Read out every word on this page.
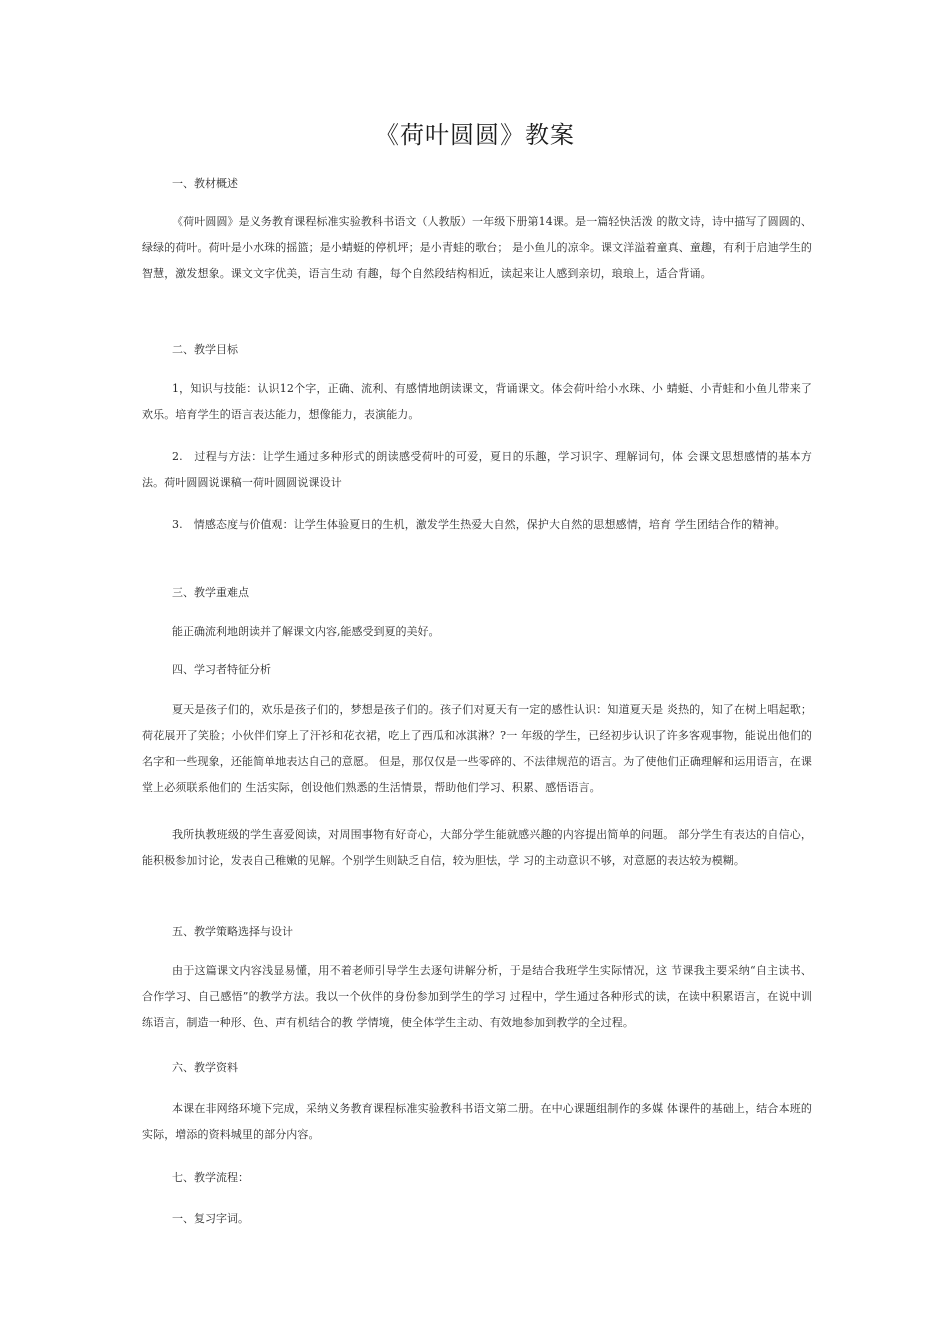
《荷叶圆圆》教案
一、教材概述
《荷叶圆圆》是义务教育课程标准实验教科书语文（人教版）一年级下册第14课。是一篇轻快活泼 的散文诗，诗中描写了圆圆的、绿绿的荷叶。荷叶是小水珠的摇篮；是小蜻蜓的停机坪；是小青蛙的歌台； 是小鱼儿的凉伞。课文洋溢着童真、童趣，有利于启迪学生的智慧，激发想象。课文文字优美，语言生动 有趣，每个自然段结构相近，读起来让人感到亲切，琅琅上，适合背诵。
二、教学目标
1，知识与技能：认识12个字，正确、流利、有感情地朗读课文，背诵课文。体会荷叶给小水珠、小 蜻蜓、小青蛙和小鱼儿带来了欢乐。培育学生的语言表达能力，想像能力，表演能力。
2.　过程与方法：让学生通过多种形式的朗读感受荷叶的可爱，夏日的乐趣，学习识字、理解词句，体 会课文思想感情的基本方法。荷叶圆圆说课稿一荷叶圆圆说课设计
3.　情感态度与价值观：让学生体验夏日的生机，激发学生热爱大自然，保护大自然的思想感情，培育 学生团结合作的精神。
三、教学重难点
能正确流利地朗读并了解课文内容,能感受到夏的美好。
四、学习者特征分析
夏天是孩子们的，欢乐是孩子们的，梦想是孩子们的。孩子们对夏天有一定的感性认识：知道夏天是 炎热的，知了在树上唱起歌；荷花展开了笑脸；小伙伴们穿上了汗衫和花衣裙，吃上了西瓜和冰淇淋？?一 年级的学生，已经初步认识了许多客观事物，能说出他们的名字和一些现象，还能简单地表达自己的意愿。 但是，那仅仅是一些零碎的、不法律规范的语言。为了使他们正确理解和运用语言，在课堂上必须联系他们的 生活实际，创设他们熟悉的生活情景，帮助他们学习、积累、感悟语言。
我所执教班级的学生喜爱阅读，对周围事物有好奇心，大部分学生能就感兴趣的内容提出简单的问题。 部分学生有表达的自信心，能积极参加讨论，发表自己稚嫩的见解。个别学生则缺乏自信，较为胆怯，学 习的主动意识不够，对意愿的表达较为模糊。
五、教学策略选择与设计
由于这篇课文内容浅显易懂，用不着老师引导学生去逐句讲解分析，于是结合我班学生实际情况，这 节课我主要采纳“自主读书、合作学习、自己感悟”的教学方法。我以一个伙伴的身份参加到学生的学习 过程中，学生通过各种形式的读，在读中积累语言，在说中训练语言，制造一种形、色、声有机结合的教 学情境，使全体学生主动、有效地参加到教学的全过程。
六、教学资料
本课在非网络环境下完成，采纳义务教育课程标准实验教科书语文第二册。在中心课题组制作的多媒 体课件的基础上，结合本班的实际，增添的资料城里的部分内容。
七、教学流程：
一、复习字词。
